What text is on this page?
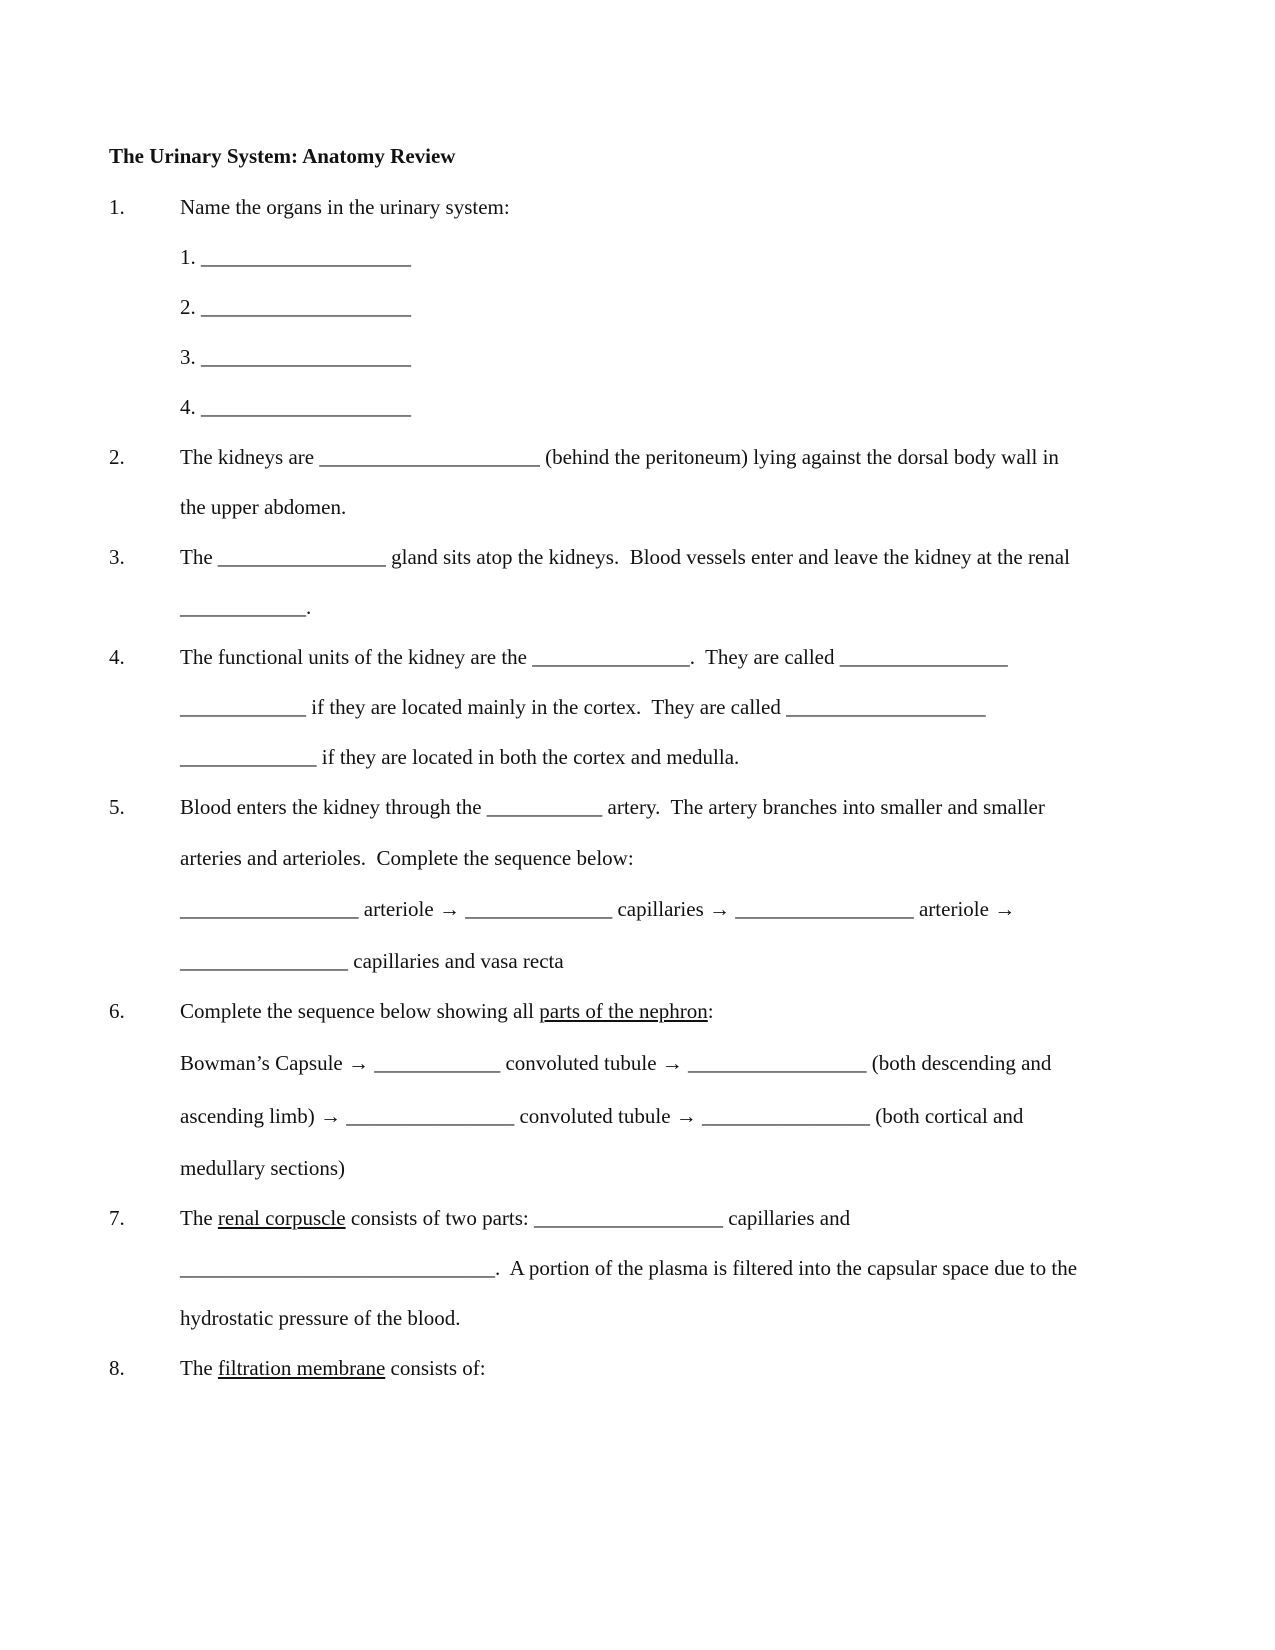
The Urinary System: Anatomy Review
1.	Name the organs in the urinary system:
1. ____________________
2. ____________________
3. ____________________
4. ____________________
2.	The kidneys are _____________________ (behind the peritoneum) lying against the dorsal body wall in
the upper abdomen.
3.	The ________________ gland sits atop the kidneys.  Blood vessels enter and leave the kidney at the renal
____________.
4.	The functional units of the kidney are the _______________.  They are called ________________
____________ if they are located mainly in the cortex.  They are called ___________________
_____________ if they are located in both the cortex and medulla.
5.	Blood enters the kidney through the ___________ artery.  The artery branches into smaller and smaller
arteries and arterioles.  Complete the sequence below:
_________________ arteriole → ______________ capillaries → _________________ arteriole →
________________ capillaries and vasa recta
6.	Complete the sequence below showing all parts of the nephron:
Bowman’s Capsule → ____________ convoluted tubule → _________________ (both descending and
ascending limb) → ________________ convoluted tubule → ________________ (both cortical and
medullary sections)
7.	The renal corpuscle consists of two parts: __________________ capillaries and
______________________________.  A portion of the plasma is filtered into the capsular space due to the
hydrostatic pressure of the blood.
8.	The filtration membrane consists of:
